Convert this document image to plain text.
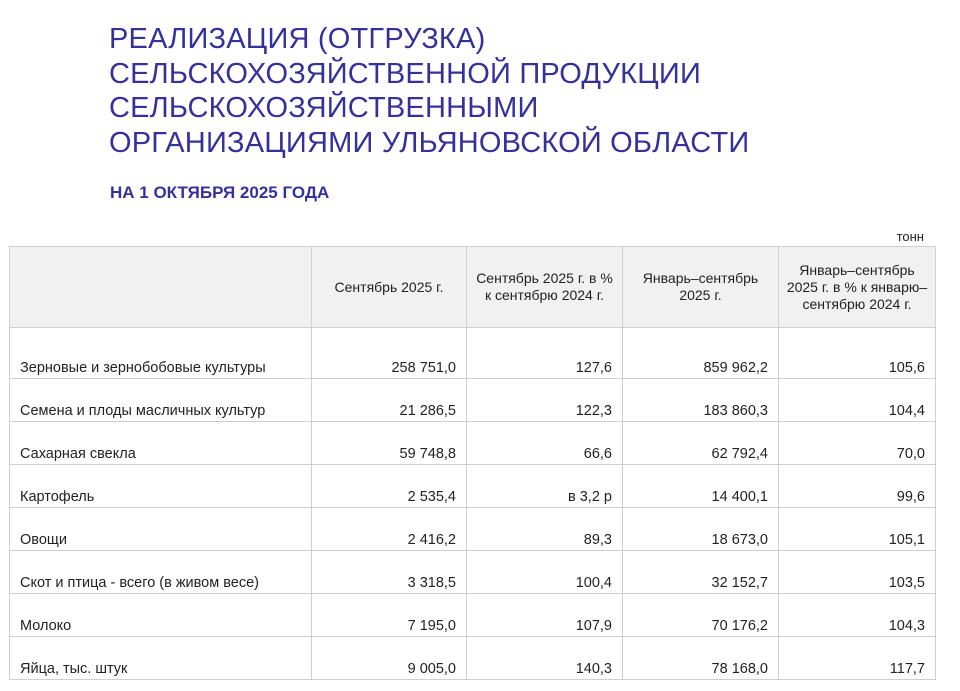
РЕАЛИЗАЦИЯ (ОТГРУЗКА)
СЕЛЬСКОХОЗЯЙСТВЕННОЙ ПРОДУКЦИИ
СЕЛЬСКОХОЗЯЙСТВЕННЫМИ
ОРГАНИЗАЦИЯМИ УЛЬЯНОВСКОЙ ОБЛАСТИ
НА 1 ОКТЯБРЯ 2025 ГОДА
тонн
	Сентябрь 2025 г.	Сентябрь 2025 г. в % к сентябрю 2024 г.	Январь–сентябрь 2025 г.	Январь–сентябрь 2025 г. в % к январю–сентябрю 2024 г.
Зерновые и зернобобовые культуры	258 751,0	127,6	859 962,2	105,6
Семена и плоды масличных культур	21 286,5	122,3	183 860,3	104,4
Сахарная свекла	59 748,8	66,6	62 792,4	70,0
Картофель	2 535,4	в 3,2 р	14 400,1	99,6
Овощи	2 416,2	89,3	18 673,0	105,1
Скот и птица - всего (в живом весе)	3 318,5	100,4	32 152,7	103,5
Молоко	7 195,0	107,9	70 176,2	104,3
Яйца, тыс. штук	9 005,0	140,3	78 168,0	117,7
